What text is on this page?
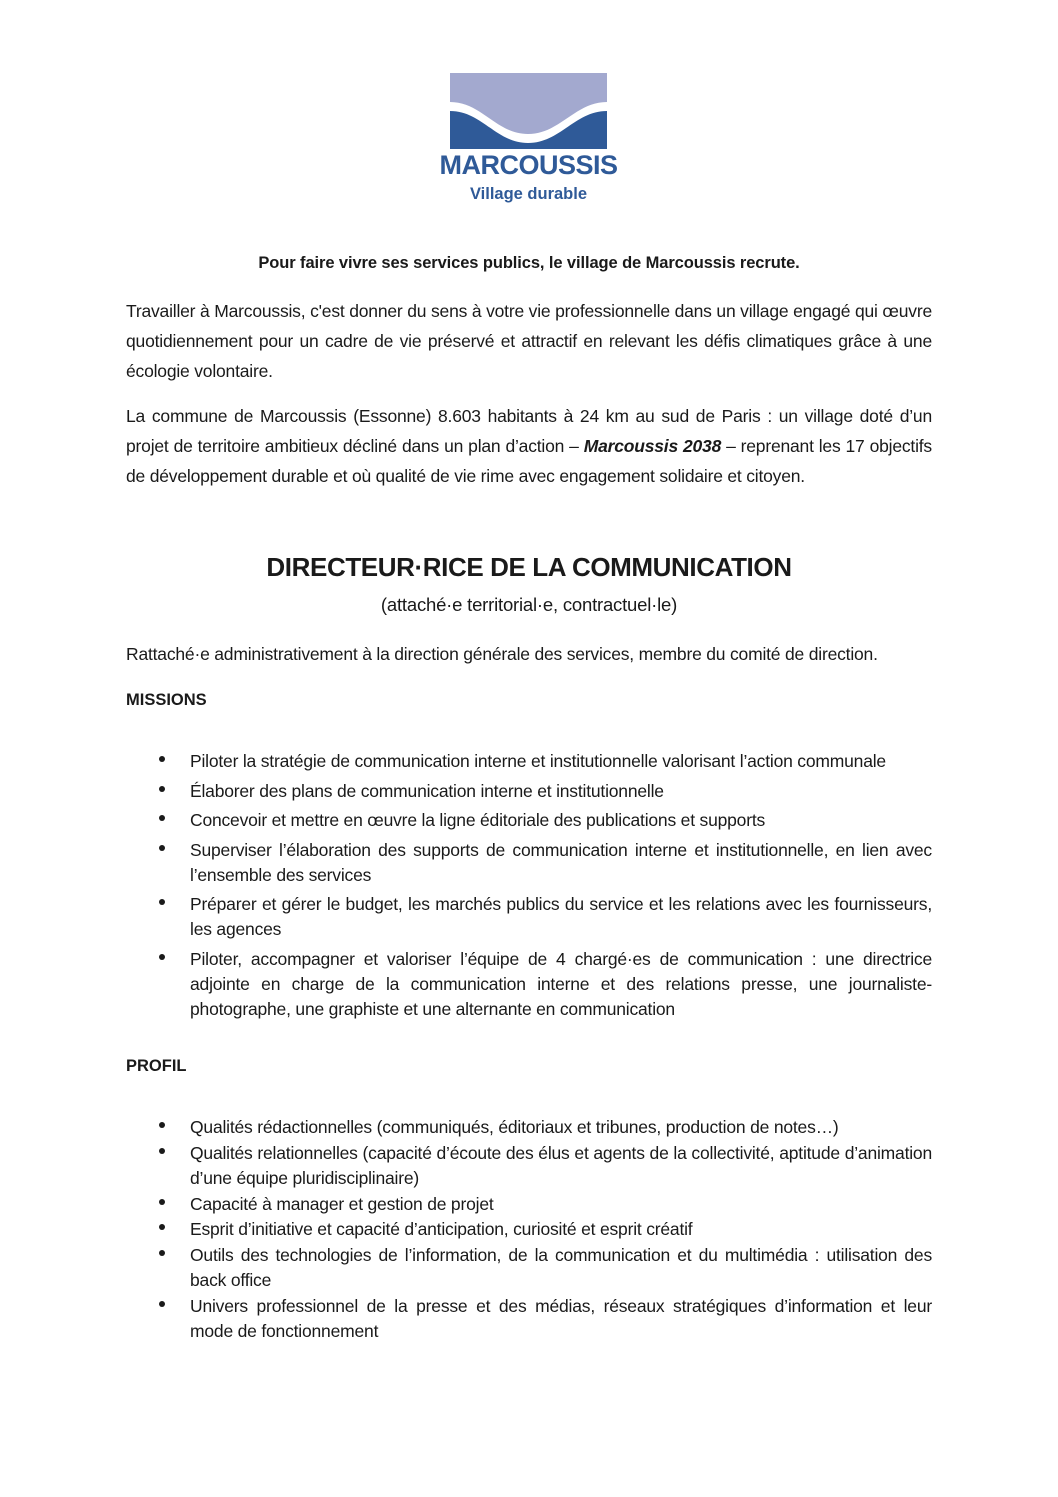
MARCOUSSIS
Village durable
Pour faire vivre ses services publics, le village de Marcoussis recrute.
Travailler à Marcoussis, c'est donner du sens à votre vie professionnelle dans un village engagé qui œuvre quotidiennement pour un cadre de vie préservé et attractif en relevant les défis climatiques grâce à une écologie volontaire.
La commune de Marcoussis (Essonne) 8.603 habitants à 24 km au sud de Paris : un village doté d’un projet de territoire ambitieux décliné dans un plan d’action – Marcoussis 2038 – reprenant les 17 objectifs de développement durable et où qualité de vie rime avec engagement solidaire et citoyen.
DIRECTEUR·RICE DE LA COMMUNICATION
(attaché·e territorial·e, contractuel·le)
Rattaché·e administrativement à la direction générale des services, membre du comité de direction.
MISSIONS
Piloter la stratégie de communication interne et institutionnelle valorisant l’action communale
Élaborer des plans de communication interne et institutionnelle
Concevoir et mettre en œuvre la ligne éditoriale des publications et supports
Superviser l’élaboration des supports de communication interne et institutionnelle, en lien avec l’ensemble des services
Préparer et gérer le budget, les marchés publics du service et les relations avec les fournisseurs, les agences
Piloter, accompagner et valoriser l’équipe de 4 chargé·es de communication : une directrice adjointe en charge de la communication interne et des relations presse, une journaliste-photographe, une graphiste et une alternante en communication
PROFIL
Qualités rédactionnelles (communiqués, éditoriaux et tribunes, production de notes…)
Qualités relationnelles (capacité d’écoute des élus et agents de la collectivité, aptitude d’animation d’une équipe pluridisciplinaire)
Capacité à manager et gestion de projet
Esprit d’initiative et capacité d’anticipation, curiosité et esprit créatif
Outils des technologies de l’information, de la communication et du multimédia : utilisation des back office
Univers professionnel de la presse et des médias, réseaux stratégiques d’information et leur mode de fonctionnement
